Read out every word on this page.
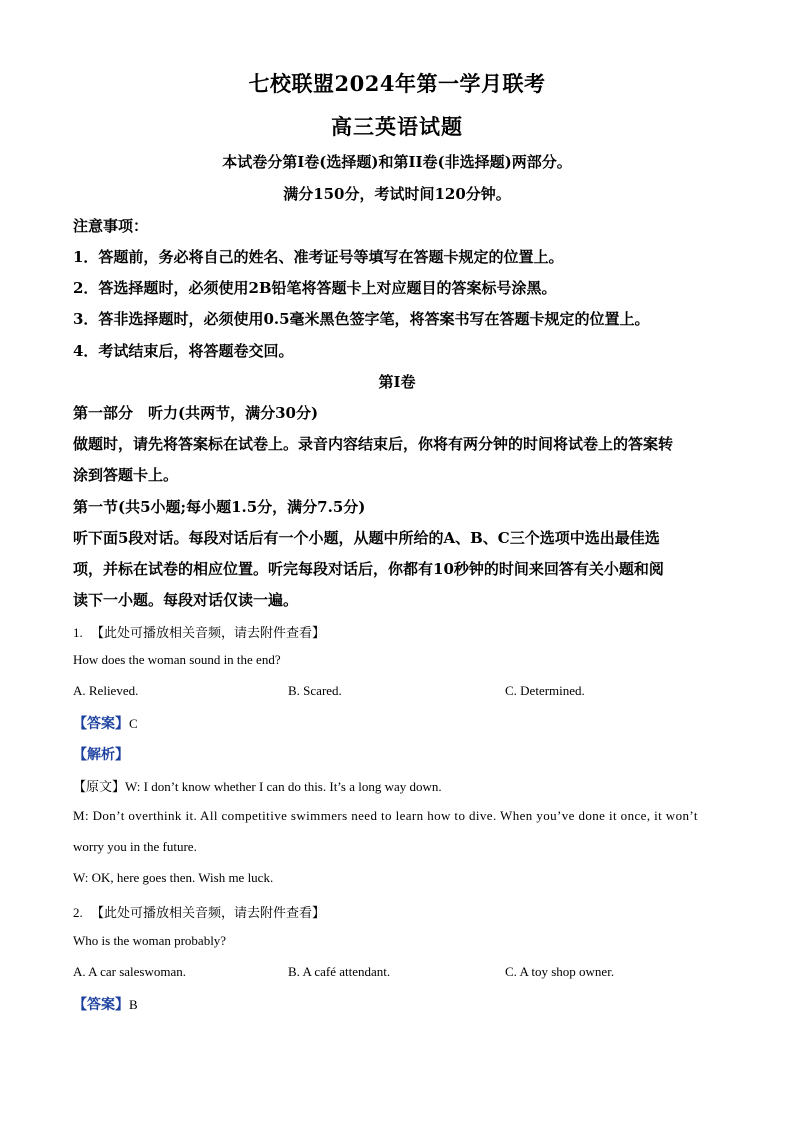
七校联盟2024年第一学月联考
高三英语试题
本试卷分第I卷(选择题)和第II卷(非选择题)两部分。
满分150分，考试时间120分钟。
注意事项：
1．答题前，务必将自己的姓名、准考证号等填写在答题卡规定的位置上。
2．答选择题时，必须使用2B铅笔将答题卡上对应题目的答案标号涂黑。
3．答非选择题时，必须使用0.5毫米黑色签字笔，将答案书写在答题卡规定的位置上。
4．考试结束后，将答题卷交回。
第I卷
第一部分　听力(共两节，满分30分)
做题时，请先将答案标在试卷上。录音内容结束后，你将有两分钟的时间将试卷上的答案转
涂到答题卡上。
第一节(共5小题;每小题1.5分，满分7.5分)
听下面5段对话。每段对话后有一个小题，从题中所给的A、B、C三个选项中选出最佳选
项，并标在试卷的相应位置。听完每段对话后，你都有10秒钟的时间来回答有关小题和阅
读下一小题。每段对话仅读一遍。
1. 【此处可播放相关音频，请去附件查看】
How does the woman sound in the end?
A. Relieved.	B. Scared.	C. Determined.
【答案】C
【解析】
【原文】W: I don’t know whether I can do this. It’s a long way down.
M: Don’t overthink it. All competitive swimmers need to learn how to dive. When you’ve done it once, it won’t
worry you in the future.
W: OK, here goes then. Wish me luck.
2. 【此处可播放相关音频，请去附件查看】
Who is the woman probably?
A. A car saleswoman.	B. A café attendant.	C. A toy shop owner.
【答案】B
